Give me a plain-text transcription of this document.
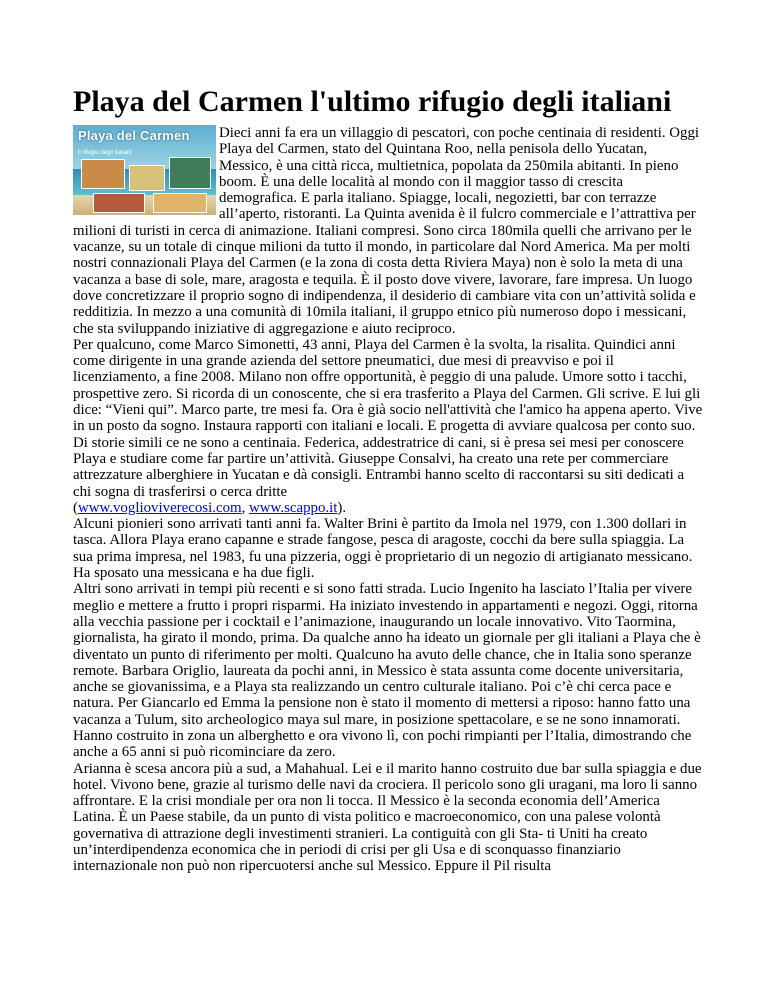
Playa del Carmen l'ultimo rifugio degli italiani
Playa del Carmen
il rifugio degli italiani

Dieci anni fa era un villaggio di pescatori, con poche centinaia di residenti. Oggi Playa del Carmen, stato del Quintana Roo, nella penisola dello Yucatan, Messico, è una città ricca, multietnica, popolata da 250mila abitanti. In pieno boom. È una delle località al mondo con il maggior tasso di crescita demografica. E parla italiano. Spiagge, locali, negozietti, bar con terrazze all’aperto, ristoranti. La Quinta avenida è il fulcro commerciale e l’attrattiva per milioni di turisti in cerca di animazione. Italiani compresi. Sono circa 180mila quelli che arrivano per le vacanze, su un totale di cinque milioni da tutto il mondo, in particolare dal Nord America. Ma per molti nostri connazionali Playa del Carmen (e la zona di costa detta Riviera Maya) non è solo la meta di una vacanza a base di sole, mare, aragosta e tequila. È il posto dove vivere, lavorare, fare impresa. Un luogo dove concretizzare il proprio sogno di indipendenza, il desiderio di cambiare vita con un’attività solida e redditizia. In mezzo a una comunità di 10mila italiani, il gruppo etnico più numeroso dopo i messicani, che sta sviluppando iniziative di aggregazione e aiuto reciproco.

Per qualcuno, come Marco Simonetti, 43 anni, Playa del Carmen è la svolta, la risalita. Quindici anni come dirigente in una grande azienda del settore pneumatici, due mesi di preavviso e poi il licenziamento, a fine 2008. Milano non offre opportunità, è peggio di una palude. Umore sotto i tacchi, prospettive zero. Si ricorda di un conoscente, che si era trasferito a Playa del Carmen. Gli scrive. E lui gli dice: “Vieni qui”. Marco parte, tre mesi fa. Ora è già socio nell'attività che l'amico ha appena aperto. Vive in un posto da sogno. Instaura rapporti con italiani e locali. E progetta di avviare qualcosa per conto suo. Di storie simili ce ne sono a centinaia. Federica, addestratrice di cani, si è presa sei mesi per conoscere Playa e studiare come far partire un’attività. Giuseppe Consalvi, ha creato una rete per commerciare attrezzature alberghiere in Yucatan e dà consigli. Entrambi hanno scelto di raccontarsi su siti dedicati a chi sogna di trasferirsi o cerca dritte
(www.voglioviverecosi.com, www.scappo.it).

Alcuni pionieri sono arrivati tanti anni fa. Walter Brini è partito da Imola nel 1979, con 1.300 dollari in tasca. Allora Playa erano capanne e strade fangose, pesca di aragoste, cocchi da bere sulla spiaggia. La sua prima impresa, nel 1983, fu una pizzeria, oggi è proprietario di un negozio di artigianato messicano. Ha sposato una messicana e ha due figli.

Altri sono arrivati in tempi più recenti e si sono fatti strada. Lucio Ingenito ha lasciato l’Italia per vivere meglio e mettere a frutto i propri risparmi. Ha iniziato investendo in appartamenti e negozi. Oggi, ritorna alla vecchia passione per i cocktail e l’animazione, inaugurando un locale innovativo. Vito Taormina, giornalista, ha girato il mondo, prima. Da qualche anno ha ideato un giornale per gli italiani a Playa che è diventato un punto di riferimento per molti. Qualcuno ha avuto delle chance, che in Italia sono speranze remote. Barbara Origlio, laureata da pochi anni, in Messico è stata assunta come docente universitaria, anche se giovanissima, e a Playa sta realizzando un centro culturale italiano. Poi c’è chi cerca pace e natura. Per Giancarlo ed Emma la pensione non è stato il momento di mettersi a riposo: hanno fatto una vacanza a Tulum, sito archeologico maya sul mare, in posizione spettacolare, e se ne sono innamorati. Hanno costruito in zona un alberghetto e ora vivono lì, con pochi rimpianti per l’Italia, dimostrando che anche a 65 anni si può ricominciare da zero.

Arianna è scesa ancora più a sud, a Mahahual. Lei e il marito hanno costruito due bar sulla spiaggia e due hotel. Vivono bene, grazie al turismo delle navi da crociera. Il pericolo sono gli uragani, ma loro li sanno affrontare. E la crisi mondiale per ora non li tocca. Il Messico è la seconda economia dell’America Latina. È un Paese stabile, da un punto di vista politico e macroeconomico, con una palese volontà governativa di attrazione degli investimenti stranieri. La contiguità con gli Sta- ti Uniti ha creato un’interdipendenza economica che in periodi di crisi per gli Usa e di sconquasso finanziario internazionale non può non ripercuotersi anche sul Messico. Eppure il Pil risulta
